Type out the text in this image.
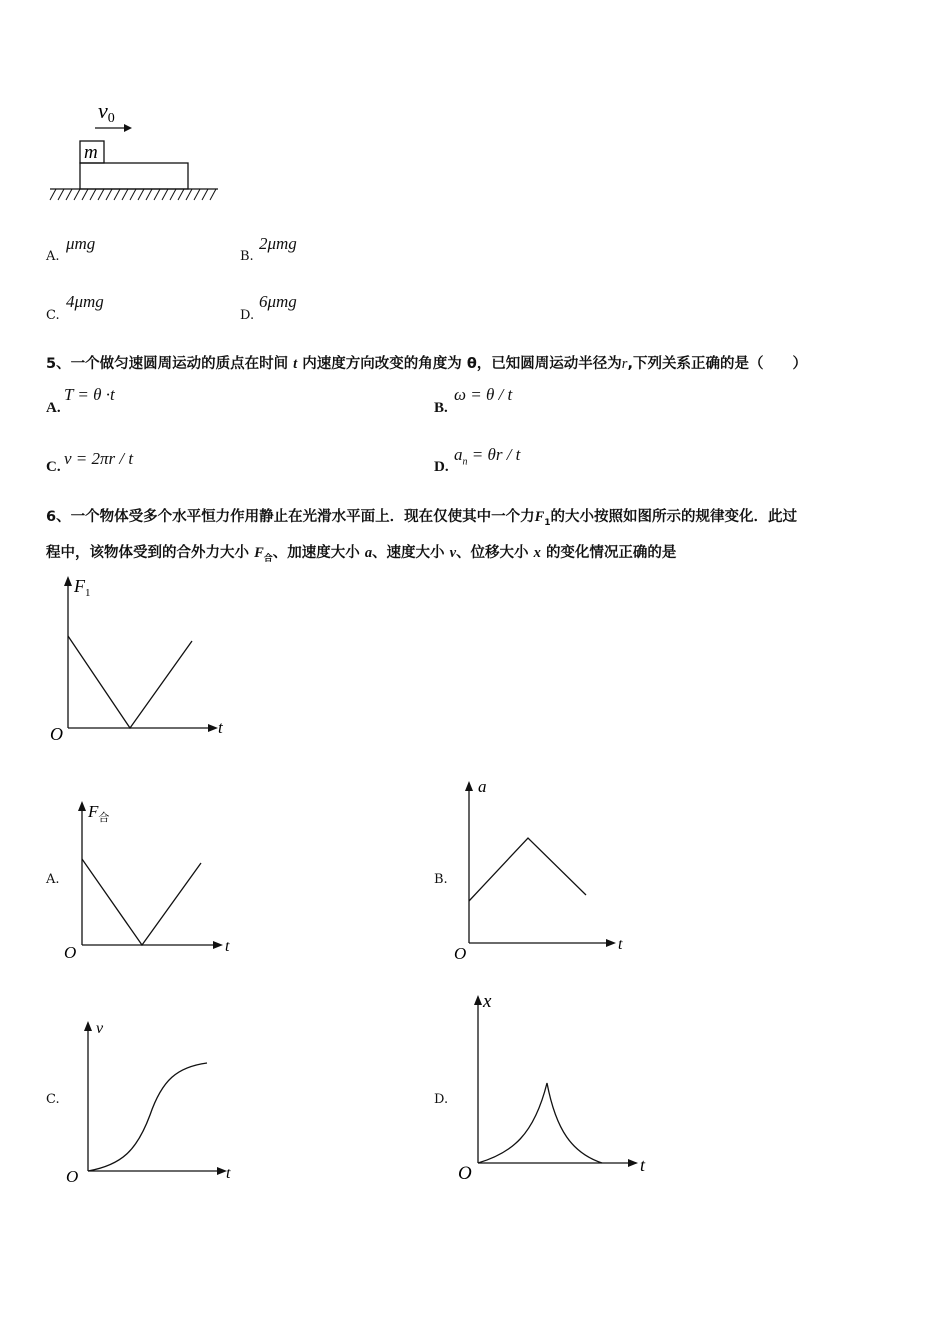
v0
m
A.
μmg
B.
2μmg
C.
4μmg
D.
6μmg
5、一个做匀速圆周运动的质点在时间 t 内速度方向改变的角度为 θ，已知圆周运动半径为r,下列关系正确的是（　　）
A.
T = θ ·t
B.
ω = θ / t
C. v = 2πr / t	D.
$a_n = \theta r / t$
6、一个物体受多个水平恒力作用静止在光滑水平面上．现在仅使其中一个力$F_1$的大小按照如图所示的规律变化．此过
程中，该物体受到的合外力大小 $F_合$、加速度大小 a、速度大小 v、位移大小 x 的变化情况正确的是
$F_1$
t
O
A.
$F_合$
t
O
B.
a
t
O
C.
v
t
O
D.
x
t
O
